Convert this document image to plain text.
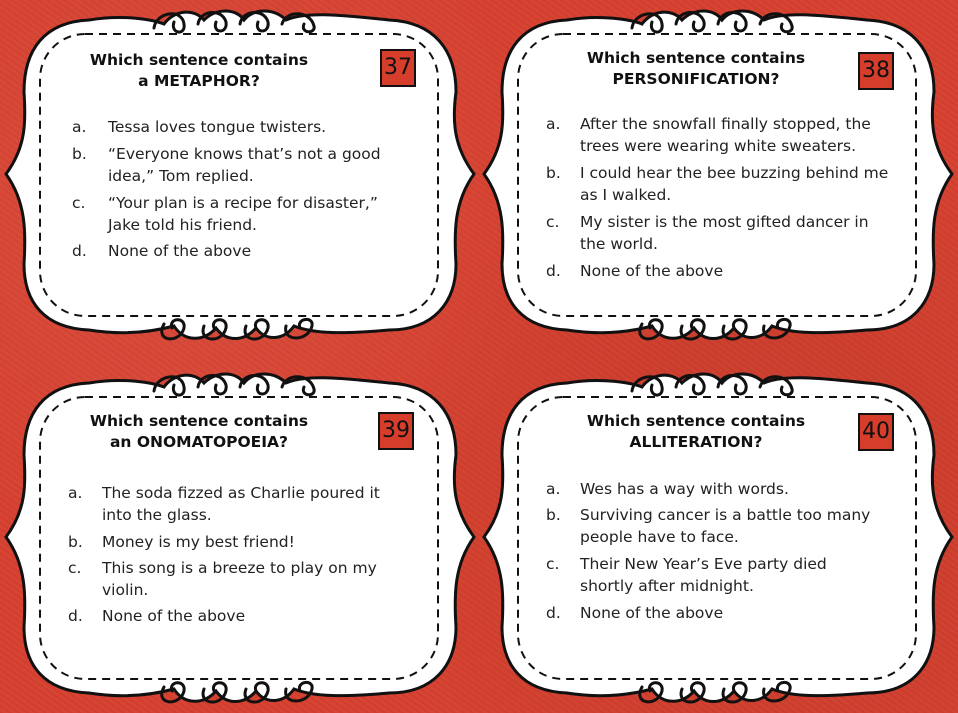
Which sentence contains
a METAPHOR?
37
a.	Tessa loves tongue twisters.
b.	“Everyone knows that’s not a good
idea,” Tom replied.
c.	“Your plan is a recipe for disaster,”
Jake told his friend.
d.	None of the above
Which sentence contains
PERSONIFICATION?	38
a.	After the snowfall finally stopped, the
trees were wearing white sweaters.
b.	I could hear the bee buzzing behind me
as I walked.
c.	My sister is the most gifted dancer in
the world.
d.	None of the above
Which sentence contains
an ONOMATOPOEIA?	39
a.	The soda fizzed as Charlie poured it
into the glass.
b.	Money is my best friend!
c.	This song is a breeze to play on my
violin.
d.	None of the above
Which sentence contains
ALLITERATION?	40
a.	Wes has a way with words.
b.	Surviving cancer is a battle too many
people have to face.
c.	Their New Year’s Eve party died
shortly after midnight.
d.	None of the above
